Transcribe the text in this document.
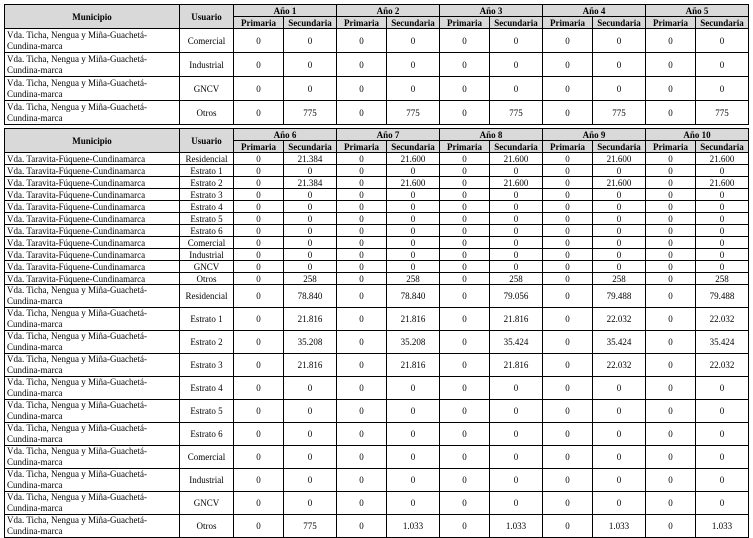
Municipio	Usuario	Año 1		Año 2		Año 3		Año 4		Año 5	
		Primaria	Secundaria	Primaria	Secundaria	Primaria	Secundaria	Primaria	Secundaria	Primaria	Secundaria
Vda. Ticha, Nengua y Miña-Guachetá-Cundina-marca	Comercial	0	0	0	0	0	0	0	0	0	0
Vda. Ticha, Nengua y Miña-Guachetá-Cundina-marca	Industrial	0	0	0	0	0	0	0	0	0	0
Vda. Ticha, Nengua y Miña-Guachetá-Cundina-marca	GNCV	0	0	0	0	0	0	0	0	0	0
Vda. Ticha, Nengua y Miña-Guachetá-Cundina-marca	Otros	0	775	0	775	0	775	0	775	0	775
Municipio	Usuario	Año 6		Año 7		Año 8		Año 9		Año 10	
		Primaria	Secundaria	Primaria	Secundaria	Primaria	Secundaria	Primaria	Secundaria	Primaria	Secundaria
Vda. Taravita-Fúquene-Cundinamarca	Residencial	0	21.384	0	21.600	0	21.600	0	21.600	0	21.600
Vda. Taravita-Fúquene-Cundinamarca	Estrato 1	0	0	0	0	0	0	0	0	0	0
Vda. Taravita-Fúquene-Cundinamarca	Estrato 2	0	21.384	0	21.600	0	21.600	0	21.600	0	21.600
Vda. Taravita-Fúquene-Cundinamarca	Estrato 3	0	0	0	0	0	0	0	0	0	0
Vda. Taravita-Fúquene-Cundinamarca	Estrato 4	0	0	0	0	0	0	0	0	0	0
Vda. Taravita-Fúquene-Cundinamarca	Estrato 5	0	0	0	0	0	0	0	0	0	0
Vda. Taravita-Fúquene-Cundinamarca	Estrato 6	0	0	0	0	0	0	0	0	0	0
Vda. Taravita-Fúquene-Cundinamarca	Comercial	0	0	0	0	0	0	0	0	0	0
Vda. Taravita-Fúquene-Cundinamarca	Industrial	0	0	0	0	0	0	0	0	0	0
Vda. Taravita-Fúquene-Cundinamarca	GNCV	0	0	0	0	0	0	0	0	0	0
Vda. Taravita-Fúquene-Cundinamarca	Otros	0	258	0	258	0	258	0	258	0	258
Vda. Ticha, Nengua y Miña-Guachetá-Cundina-marca	Residencial	0	78.840	0	78.840	0	79.056	0	79.488	0	79.488
Vda. Ticha, Nengua y Miña-Guachetá-Cundina-marca	Estrato 1	0	21.816	0	21.816	0	21.816	0	22.032	0	22.032
Vda. Ticha, Nengua y Miña-Guachetá-Cundina-marca	Estrato 2	0	35.208	0	35.208	0	35.424	0	35.424	0	35.424
Vda. Ticha, Nengua y Miña-Guachetá-Cundina-marca	Estrato 3	0	21.816	0	21.816	0	21.816	0	22.032	0	22.032
Vda. Ticha, Nengua y Miña-Guachetá-Cundina-marca	Estrato 4	0	0	0	0	0	0	0	0	0	0
Vda. Ticha, Nengua y Miña-Guachetá-Cundina-marca	Estrato 5	0	0	0	0	0	0	0	0	0	0
Vda. Ticha, Nengua y Miña-Guachetá-Cundina-marca	Estrato 6	0	0	0	0	0	0	0	0	0	0
Vda. Ticha, Nengua y Miña-Guachetá-Cundina-marca	Comercial	0	0	0	0	0	0	0	0	0	0
Vda. Ticha, Nengua y Miña-Guachetá-Cundina-marca	Industrial	0	0	0	0	0	0	0	0	0	0
Vda. Ticha, Nengua y Miña-Guachetá-Cundina-marca	GNCV	0	0	0	0	0	0	0	0	0	0
Vda. Ticha, Nengua y Miña-Guachetá-Cundina-marca	Otros	0	775	0	1.033	0	1.033	0	1.033	0	1.033
